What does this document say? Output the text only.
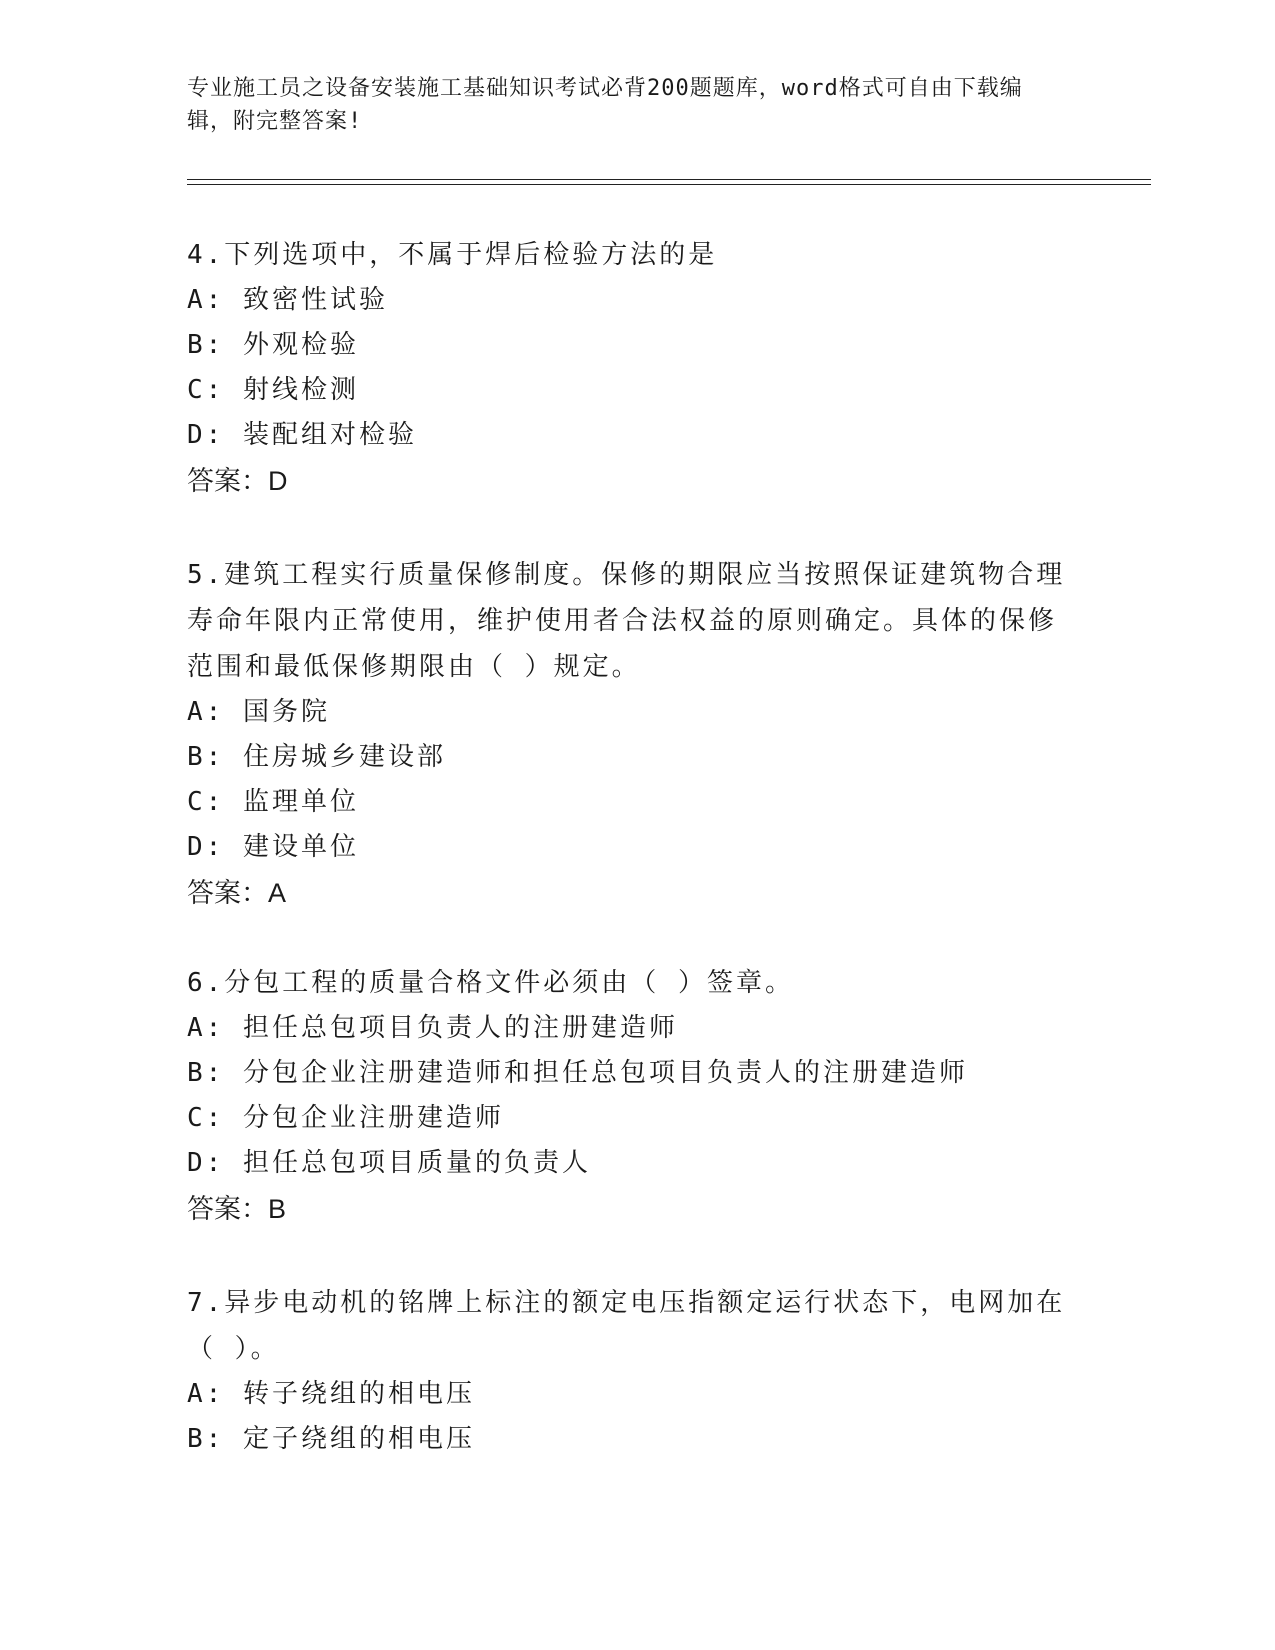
专业施工员之设备安装施工基础知识考试必背200题题库，word格式可自由下载编辑，附完整答案!
4.下列选项中，不属于焊后检验方法的是
A: 致密性试验
B: 外观检验
C: 射线检测
D: 装配组对检验
答案：D
5.建筑工程实行质量保修制度。保修的期限应当按照保证建筑物合理寿命年限内正常使用，维护使用者合法权益的原则确定。具体的保修范围和最低保修期限由（ ）规定。
A: 国务院
B: 住房城乡建设部
C: 监理单位
D: 建设单位
答案：A
6.分包工程的质量合格文件必须由（ ）签章。
A: 担任总包项目负责人的注册建造师
B: 分包企业注册建造师和担任总包项目负责人的注册建造师
C: 分包企业注册建造师
D: 担任总包项目质量的负责人
答案：B
7.异步电动机的铭牌上标注的额定电压指额定运行状态下，电网加在（ ）。
A: 转子绕组的相电压
B: 定子绕组的相电压
